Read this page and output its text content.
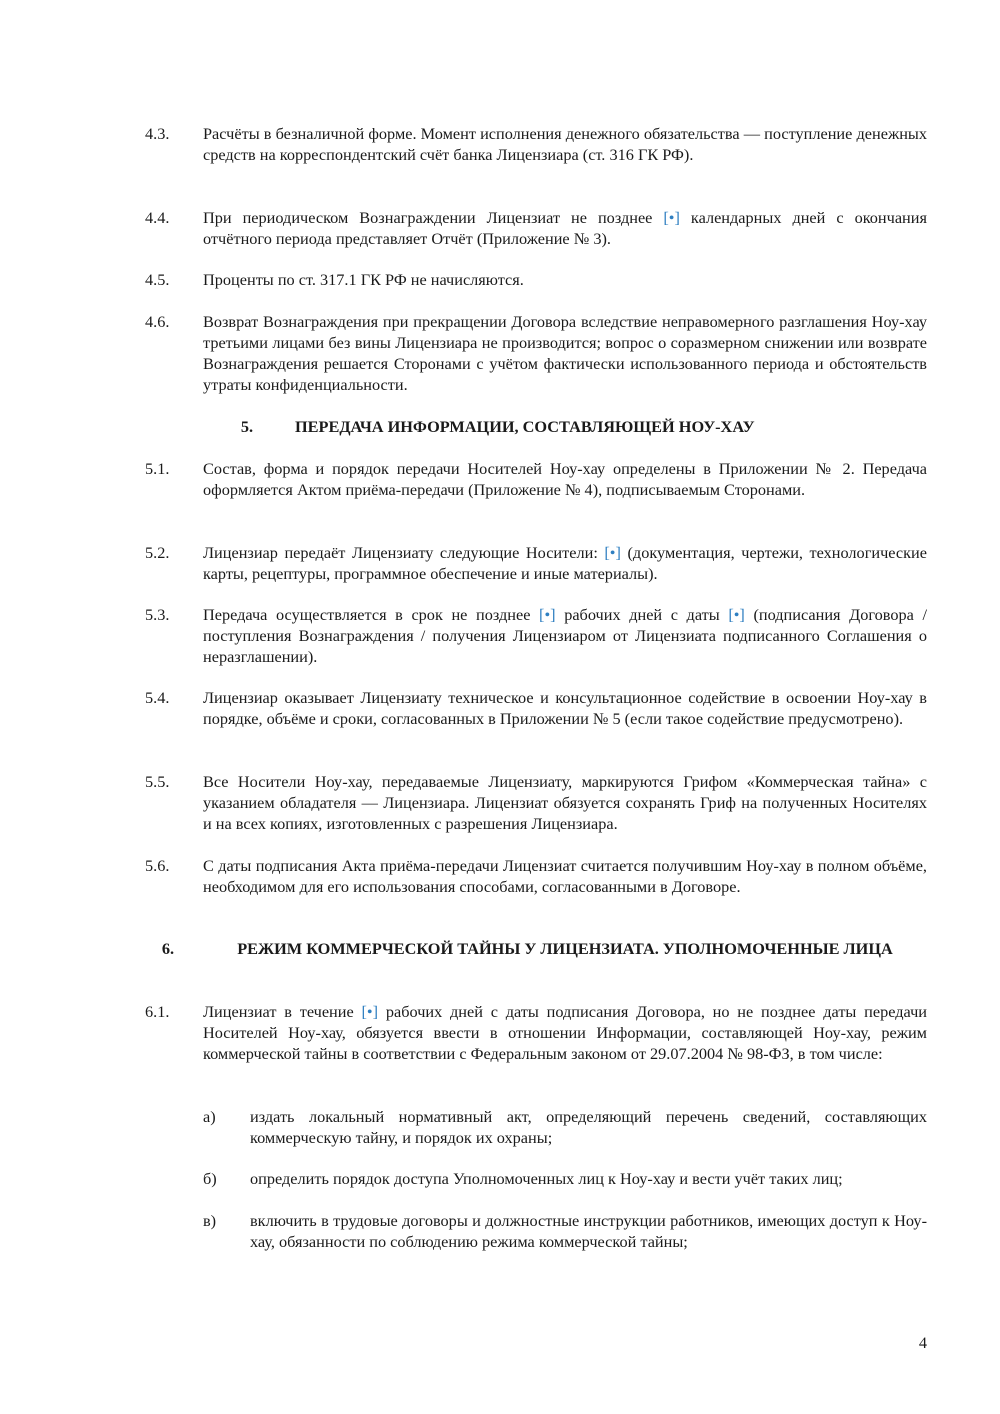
4.3.	Расчёты в безналичной форме. Момент исполнения денежного обязательства — поступление денежных средств на корреспондентский счёт банка Лицензиара (ст. 316 ГК РФ).
4.4.	При периодическом Вознаграждении Лицензиат не позднее [•] календарных дней с окончания отчётного периода представляет Отчёт (Приложение № 3).
4.5.	Проценты по ст. 317.1 ГК РФ не начисляются.
4.6.	Возврат Вознаграждения при прекращении Договора вследствие неправомерного разглашения Ноу-хау третьими лицами без вины Лицензиара не производится; вопрос о соразмерном снижении или возврате Вознаграждения решается Сторонами с учётом фактически использованного периода и обстоятельств утраты конфиденциальности.
5.	ПЕРЕДАЧА ИНФОРМАЦИИ, СОСТАВЛЯЮЩЕЙ НОУ-ХАУ
5.1.	Состав, форма и порядок передачи Носителей Ноу-хау определены в Приложении № 2. Передача оформляется Актом приёма-передачи (Приложение № 4), подписываемым Сторонами.
5.2.	Лицензиар передаёт Лицензиату следующие Носители: [•] (документация, чертежи, технологические карты, рецептуры, программное обеспечение и иные материалы).
5.3.	Передача осуществляется в срок не позднее [•] рабочих дней с даты [•] (подписания Договора / поступления Вознаграждения / получения Лицензиаром от Лицензиата подписанного Соглашения о неразглашении).
5.4.	Лицензиар оказывает Лицензиату техническое и консультационное содействие в освоении Ноу-хау в порядке, объёме и сроки, согласованных в Приложении № 5 (если такое содействие предусмотрено).
5.5.	Все Носители Ноу-хау, передаваемые Лицензиату, маркируются Грифом «Коммерческая тайна» с указанием обладателя — Лицензиара. Лицензиат обязуется сохранять Гриф на полученных Носителях и на всех копиях, изготовленных с разрешения Лицензиара.
5.6.	С даты подписания Акта приёма-передачи Лицензиат считается получившим Ноу-хау в полном объёме, необходимом для его использования способами, согласованными в Договоре.
6.	РЕЖИМ КОММЕРЧЕСКОЙ ТАЙНЫ У ЛИЦЕНЗИАТА. УПОЛНОМОЧЕННЫЕ ЛИЦА
6.1.	Лицензиат в течение [•] рабочих дней с даты подписания Договора, но не позднее даты передачи Носителей Ноу-хау, обязуется ввести в отношении Информации, составляющей Ноу-хау, режим коммерческой тайны в соответствии с Федеральным законом от 29.07.2004 № 98-ФЗ, в том числе:
а)	издать локальный нормативный акт, определяющий перечень сведений, составляющих коммерческую тайну, и порядок их охраны;
б)	определить порядок доступа Уполномоченных лиц к Ноу-хау и вести учёт таких лиц;
в)	включить в трудовые договоры и должностные инструкции работников, имеющих доступ к Ноу-хау, обязанности по соблюдению режима коммерческой тайны;
4
